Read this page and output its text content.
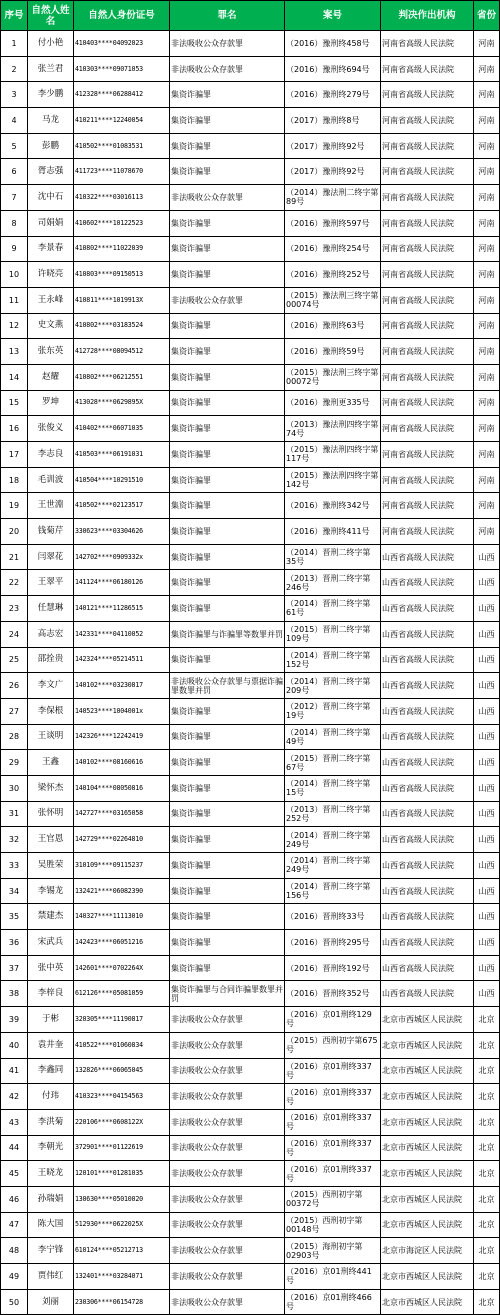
序号	自然人姓名	自然人身份证号	罪名	案号	判决作出机构	省份
1	付小艳	410403****04092023	非法吸收公众存款罪	（2016）豫刑终458号	河南省高级人民法院	河南
2	张兰君	410303****09071053	非法吸收公众存款罪	（2016）豫刑终694号	河南省高级人民法院	河南
3	李少鹏	412328****06288412	集资诈骗罪	（2016）豫刑终279号	河南省高级人民法院	河南
4	马龙	410211****12240054	集资诈骗罪	（2017）豫刑终8号	河南省高级人民法院	河南
5	彭鹏	410502****01083531	集资诈骗罪	（2017）豫刑终92号	河南省高级人民法院	河南
6	胥志强	411723****11078670	集资诈骗罪	（2017）豫刑终92号	河南省高级人民法院	河南
7	沈中石	410322****03016113	非法吸收公众存款罪	（2014）豫法刑二终字第89号	河南省高级人民法院	河南
8	司娟娟	410602****10122523	集资诈骗罪	（2016）豫刑终597号	河南省高级人民法院	河南
9	李景春	410802****11022039	集资诈骗罪	（2016）豫刑终254号	河南省高级人民法院	河南
10	许晓亮	410803****09150513	集资诈骗罪	（2016）豫刑终252号	河南省高级人民法院	河南
11	王永峰	410811****1019913X	非法吸收公众存款罪	（2015）豫法刑三终字第00074号	河南省高级人民法院	河南
12	史文燕	410802****03183524	集资诈骗罪	（2016）豫刑终63号	河南省高级人民法院	河南
13	张东英	412728****08094512	集资诈骗罪	（2016）豫刑终59号	河南省高级人民法院	河南
14	赵耀	410802****06212551	集资诈骗罪	（2015）豫法刑三终字第00072号	河南省高级人民法院	河南
15	罗坤	413028****0629895X	集资诈骗罪	（2016）豫刑更335号	河南省高级人民法院	河南
16	张俊义	410402****06071035	集资诈骗罪	（2013）豫法刑四终字第74号	河南省高级人民法院	河南
17	李志良	410503****06191031	集资诈骗罪	（2015）豫法刑四终字第117号	河南省高级人民法院	河南
18	毛训波	410504****10291510	集资诈骗罪	（2015）豫法刑四终字第142号	河南省高级人民法院	河南
19	王世淵	410502****02123517	集资诈骗罪	（2016）豫刑终342号	河南省高级人民法院	河南
20	钱菊芹	330623****03304626	集资诈骗罪	（2016）豫刑终411号	河南省高级人民法院	河南
21	闫翠花	142702****0909332x	集资诈骗罪	（2014）晋刑二终字第35号	山西省高级人民法院	山西
22	王翠平	141124****06180126	集资诈骗罪	（2013）晋刑二终字第246号	山西省高级人民法院	山西
23	任慧琳	140121****11286515	集资诈骗罪	（2014）晋刑二终字第61号	山西省高级人民法院	山西
24	高志宏	142331****04110052	集资诈骗罪与诈骗罪等数罪并罚	（2015）晋刑二终字第109号	山西省高级人民法院	山西
25	邵拴贵	142324****05214511	集资诈骗罪	（2014）晋刑二终字第152号	山西省高级人民法院	山西
26	李文广	140102****03230817	非法吸收公众存款罪与票据诈骗罪数罪并罚	（2014）晋刑二终字第209号	山西省高级人民法院	山西
27	李保根	140523****1004001x	集资诈骗罪	（2012）晋刑二终字第19号	山西省高级人民法院	山西
28	王谈明	142326****12242419	集资诈骗罪	（2014）晋刑二终字第49号	山西省高级人民法院	山西
29	王鑫	140102****08160616	集资诈骗罪	（2015）晋刑二终字第67号	山西省高级人民法院	山西
30	梁怀杰	140104****08050816	集资诈骗罪	（2014）晋刑二终字第15号	山西省高级人民法院	山西
31	张怀明	142727****03165058	集资诈骗罪	（2013）晋刑二终字第252号	山西省高级人民法院	山西
32	王官恩	142729****02264810	集资诈骗罪	（2014）晋刑二终字第249号	山西省高级人民法院	山西
33	吴胜荣	310109****09115237	集资诈骗罪	（2014）晋刑二终字第249号	山西省高级人民法院	山西
34	李锡龙	132421****06082390	集资诈骗罪	（2014）晋刑二终字第156号	山西省高级人民法院	山西
35	禁建杰	140327****11113010	集资诈骗罪	（2016）晋刑终33号	山西省高级人民法院	山西
36	宋武兵	142423****06051216	集资诈骗罪	（2016）晋刑终295号	山西省高级人民法院	山西
37	张中英	142601****0702264X	集资诈骗罪	（2016）晋刑终192号	山西省高级人民法院	山西
38	李梓良	612126****05081059	集资诈骗罪与合同诈骗罪数罪并罚	（2016）晋刑终352号	山西省高级人民法院	山西
39	于彬	320305****11190817	非法吸收公众存款罪	（2016）京01刑终129号	北京市西城区人民法院	北京
40	袁井奎	410522****01060834	非法吸收公众存款罪	（2015）西刑初字第675号	北京市西城区人民法院	北京
41	李鑫同	132826****06065045	非法吸收公众存款罪	（2016）京01刑终337号	北京市西城区人民法院	北京
42	付玮	410323****04154563	非法吸收公众存款罪	（2016）京01刑终337号	北京市西城区人民法院	北京
43	李洪菊	220106****0608122X	非法吸收公众存款罪	（2016）京01刑终337号	北京市西城区人民法院	北京
44	李朝光	372901****01122619	非法吸收公众存款罪	（2016）京01刑终337号	北京市西城区人民法院	北京
45	王晓龙	120101****01281035	非法吸收公众存款罪	（2016）京01刑终337号	北京市西城区人民法院	北京
46	孙瑞娟	130630****05010020	非法吸收公众存款罪	（2015）西刑初字第00372号	北京市西城区人民法院	北京
47	陈大国	512930****0622025X	非法吸收公众存款罪	（2015）西刑初字第00148号	北京市西城区人民法院	北京
48	李宁锋	610124****05212713	非法吸收公众存款罪	（2015）海刑初字第02903号	北京市海淀区人民法院	北京
49	贾伟红	132401****03284071	非法吸收公众存款罪	（2016）京01刑终441号	北京市西城区人民法院	北京
50	刘丽	230306****06154728	非法吸收公众存款罪	（2016）京01刑终466号	北京市西城区人民法院	北京
